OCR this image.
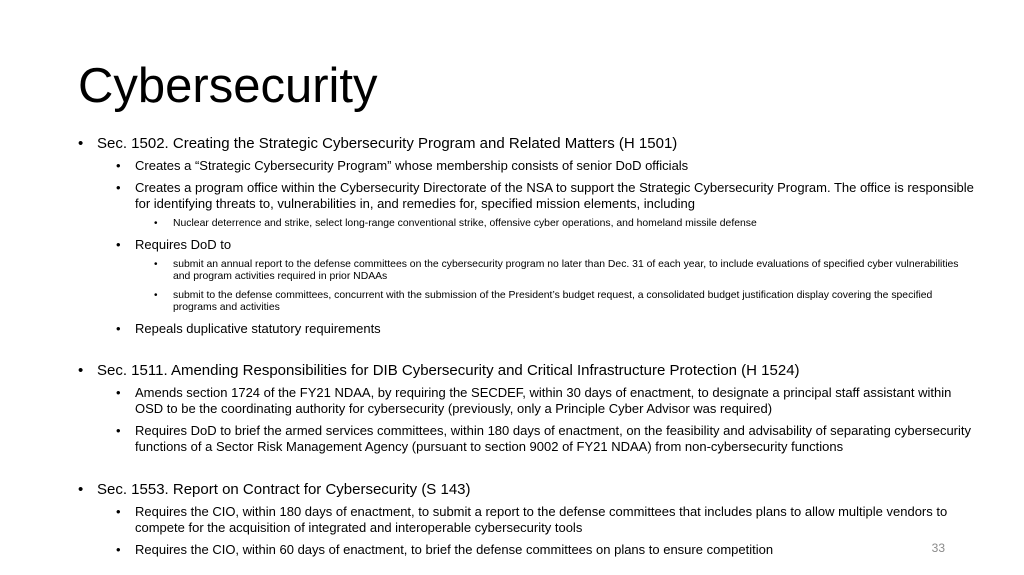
Cybersecurity
• Sec. 1502. Creating the Strategic Cybersecurity Program and Related Matters (H 1501)
• Creates a “Strategic Cybersecurity Program” whose membership consists of senior DoD officials
• Creates a program office within the Cybersecurity Directorate of the NSA to support the Strategic Cybersecurity Program. The office is responsible for identifying threats to, vulnerabilities in, and remedies for, specified mission elements, including
• Nuclear deterrence and strike, select long-range conventional strike, offensive cyber operations, and homeland missile defense
• Requires DoD to
• submit an annual report to the defense committees on the cybersecurity program no later than Dec. 31 of each year, to include evaluations of specified cyber vulnerabilities and program activities required in prior NDAAs
• submit to the defense committees, concurrent with the submission of the President’s budget request, a consolidated budget justification display covering the specified programs and activities
• Repeals duplicative statutory requirements
• Sec. 1511. Amending Responsibilities for DIB Cybersecurity and Critical Infrastructure Protection (H 1524)
• Amends section 1724 of the FY21 NDAA, by requiring the SECDEF, within 30 days of enactment, to designate a principal staff assistant within OSD to be the coordinating authority for cybersecurity (previously, only a Principle Cyber Advisor was required)
• Requires DoD to brief the armed services committees, within 180 days of enactment, on the feasibility and advisability of separating cybersecurity functions of a Sector Risk Management Agency (pursuant to section 9002 of FY21 NDAA) from non-cybersecurity functions
• Sec. 1553. Report on Contract for Cybersecurity (S 143)
• Requires the CIO, within 180 days of enactment, to submit a report to the defense committees that includes plans to allow multiple vendors to compete for the acquisition of integrated and interoperable cybersecurity tools
• Requires the CIO, within 60 days of enactment, to brief the defense committees on plans to ensure competition	33
